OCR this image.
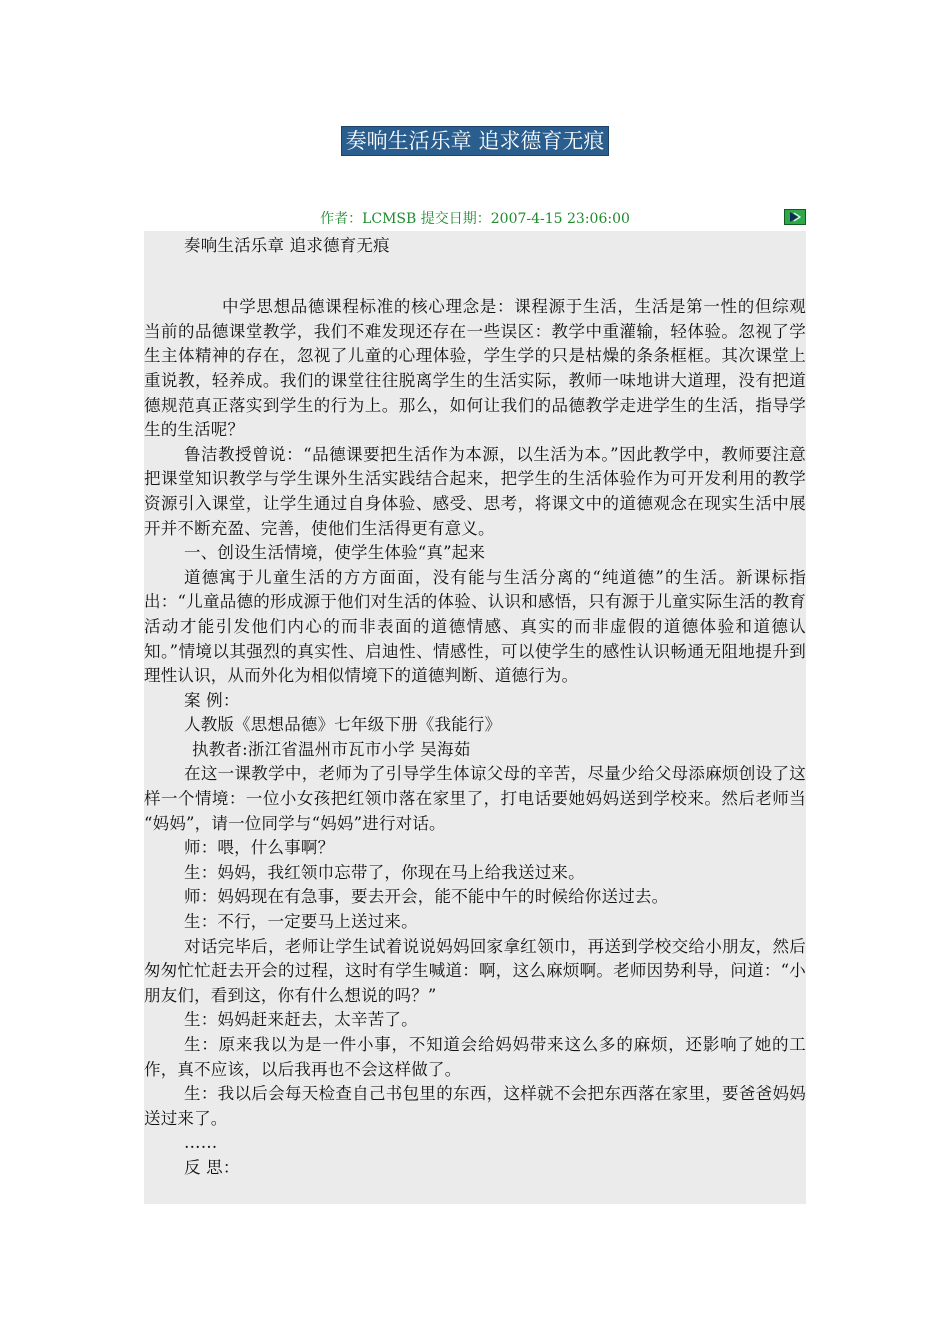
奏响生活乐章 追求德育无痕
作者：LCMSB 提交日期：2007-4-15 23:06:00

奏响生活乐章 追求德育无痕

中学思想品德课程标准的核心理念是：课程源于生活，生活是第一性的但综观当前的品德课堂教学，我们不难发现还存在一些误区：教学中重灌输，轻体验。忽视了学生主体精神的存在，忽视了儿童的心理体验，学生学的只是枯燥的条条框框。其次课堂上重说教，轻养成。我们的课堂往往脱离学生的生活实际，教师一味地讲大道理，没有把道德规范真正落实到学生的行为上。那么，如何让我们的品德教学走进学生的生活，指导学生的生活呢？

鲁洁教授曾说：“品德课要把生活作为本源，以生活为本。”因此教学中，教师要注意把课堂知识教学与学生课外生活实践结合起来，把学生的生活体验作为可开发利用的教学资源引入课堂，让学生通过自身体验、感受、思考，将课文中的道德观念在现实生活中展开并不断充盈、完善，使他们生活得更有意义。

一、创设生活情境，使学生体验“真”起来

道德寓于儿童生活的方方面面，没有能与生活分离的“纯道德”的生活。新课标指出：“儿童品德的形成源于他们对生活的体验、认识和感悟，只有源于儿童实际生活的教育活动才能引发他们内心的而非表面的道德情感、真实的而非虚假的道德体验和道德认知。”情境以其强烈的真实性、启迪性、情感性，可以使学生的感性认识畅通无阻地提升到理性认识，从而外化为相似情境下的道德判断、道德行为。

案 例：

人教版《思想品德》七年级下册《我能行》

执教者:浙江省温州市瓦市小学 吴海茹

在这一课教学中，老师为了引导学生体谅父母的辛苦，尽量少给父母添麻烦创设了这样一个情境：一位小女孩把红领巾落在家里了，打电话要她妈妈送到学校来。然后老师当 “妈妈”，请一位同学与“妈妈”进行对话。

师：喂，什么事啊？

生：妈妈，我红领巾忘带了，你现在马上给我送过来。

师：妈妈现在有急事，要去开会，能不能中午的时候给你送过去。

生：不行，一定要马上送过来。

对话完毕后，老师让学生试着说说妈妈回家拿红领巾，再送到学校交给小朋友，然后匆匆忙忙赶去开会的过程，这时有学生喊道：啊，这么麻烦啊。老师因势利导，问道：“小朋友们，看到这，你有什么想说的吗？”

生：妈妈赶来赶去，太辛苦了。

生：原来我以为是一件小事，不知道会给妈妈带来这么多的麻烦，还影响了她的工作，真不应该，以后我再也不会这样做了。

生：我以后会每天检查自己书包里的东西，这样就不会把东西落在家里，要爸爸妈妈送过来了。

……

反 思：
